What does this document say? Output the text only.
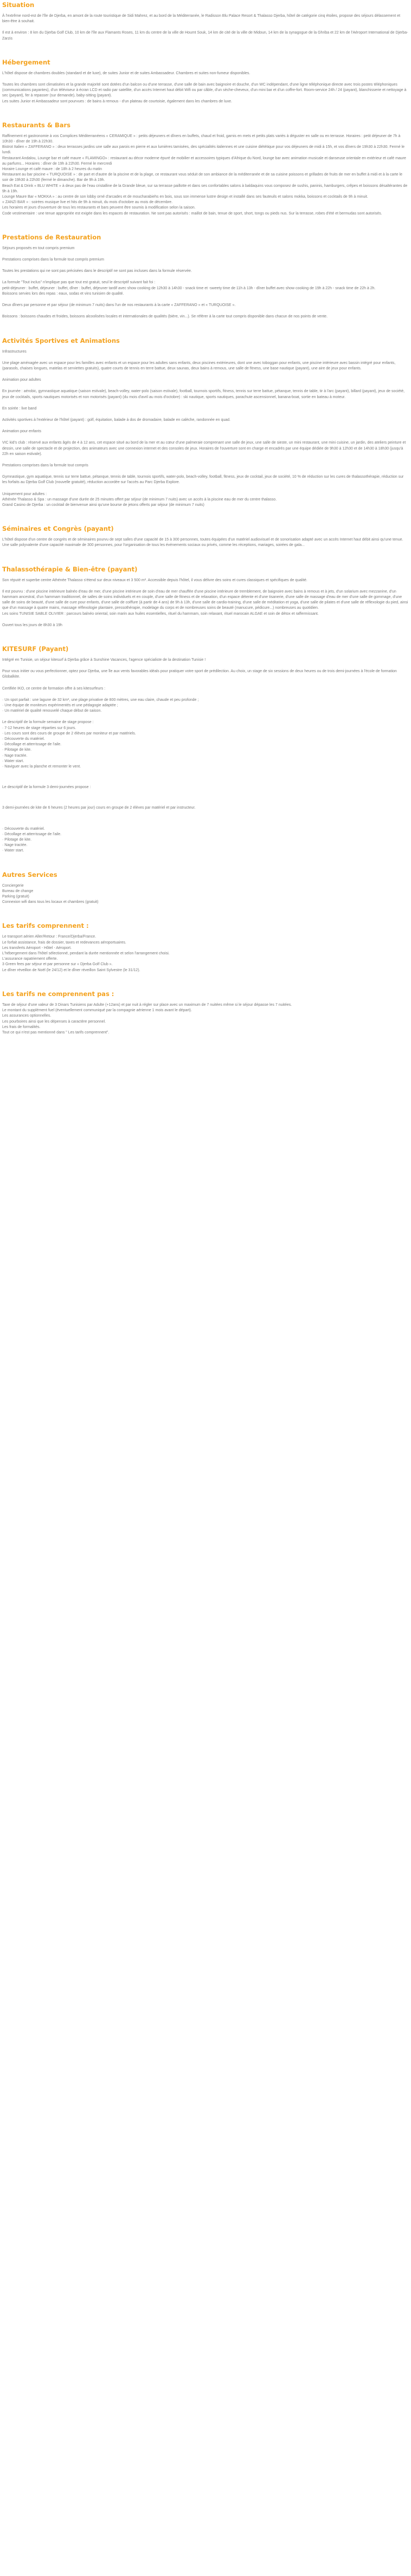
Situation

À l'extrême nord-est de l'île de Djerba, en amont de la route touristique de Sidi Mahrez, et au bord de la Méditerranée, le Radisson Blu Palace Resort & Thalasso Djerba, hôtel de catégorie cinq étoiles, propose des séjours délassement et bien-être à souhait.

Il est à environ : 8 km du Djerba Golf Club, 10 km de l'île aux Flamants Roses, 11 km du centre de la ville de Houmt Souk, 14 km de cité de la ville de Midoun, 14 km de la synagogue de la Ghriba et 22 km de l'Aéroport International de Djerba-Zarzis

Hébergement

L'hôtel dispose de chambres doubles (standard et de luxe), de suites Junior et de suites Ambassadeur. Chambres et suites non-fumeur disponibles.

Toutes les chambres sont climatisées et la grande majorité sont dotées d'un balcon ou d'une terrasse, d'une salle de bain avec baignoire et douche, d'un WC indépendant, d'une ligne téléphonique directe avec trois postes téléphoniques (communications payantes), d'un téléviseur à écran LCD et radio par satellite, d'un accès Internet haut débit Wifi ou par câble, d'un sèche-cheveux, d'un mini bar et d'un coffre-fort. Room-service 24h / 24 (payant), blanchisserie et nettoyage à sec (payant), fer à repasser (sur demande), baby-sitting (payant).
Les suites Junior et Ambassadeur sont pourvues : de bains à remous - d'un plateau de courtoisie, également dans les chambres de luxe.

Restaurants & Bars

Raffinement et gastronomie à vos Complices Méditerranéens « CERAMIQUE » : petits déjeuners et dîners en buffets, chaud et froid, garnis en mets et petits plats variés à déguster en salle ou en terrasse. Horaires : petit déjeuner de 7h à 10h30 - dîner de 19h à 22h30.
Bistrot Italien « ZAFFERANO » : deux terrasses jardins une salle aux parois en pierre et aux lumières tamisées, des spécialités italiennes et une cuisine diététique pour vos déjeuners de midi à 15h, et vos dîners de 19h30 à 22h30. Fermé le lundi.
Restaurant Andalou, Lounge bar et café maure « FLAMINGO» : restaurant au décor moderne épuré de mobilier et accessoires typiques d'Afrique du Nord, lounge bar avec animation musicale et danseuse orientale en extérieur et café maure au parfums... Horaires : dîner de 19h à 22h30. Fermé le mercredi
Horaire Lounge et café maure : de 18h à 2 heures du matin
Restaurant au bar piscine « TURQUOISE » : de part et d'autre de la piscine et de la plage, ce restaurant vous séduit de son ambiance de la méditerranée et de sa cuisine poissons et grillades de fruits de mer en buffet à midi et à la carte le soir de 19h30 à 22h30 (fermé le dimanche). Bar de 9h à 19h.
Beach Eat & Drink « BLU WHITE » à deux pas de l'eau cristalline de la Grande bleue, sur sa terrasse paillotte et dans ses confortables salons à baldaquins vous composez de sushis, paninis, hamburgers, crêpes et boissons désaltérantes de 9h à 19h.
Lounge Maure Bar « MOKKA » : au centre de son lobby orné d'arcades et de moucharabiehs en bois, sous son immense lustre design et installé dans ses fauteuils et salons mokka, boissons et cocktails de 9h à minuit.
« ZANZI BAR » : soirées musique live et hits de 9h à minuit, du mois d'octobre au mois de décembre.
Les horaires et jours d'ouverture de tous les restaurants et bars peuvent être soumis à modification selon la saison.
Code vestimentaire : une tenue appropriée est exigée dans les espaces de restauration. Ne sont pas autorisés : maillot de bain, tenue de sport, short, tongs ou pieds nus. Sur la terrasse, robes d'été et bermudas sont autorisés.

Prestations de Restauration

Séjours proposés en tout compris premium

Prestations comprises dans la formule tout compris premium

Toutes les prestations qui ne sont pas précisées dans le descriptif ne sont pas incluses dans la formule réservée.

La formule "Tout inclus" n'implique pas que tout est gratuit, seul le descriptif suivant fait foi :
petit-déjeuner : buffet, déjeuner : buffet, dîner : buffet, déjeuner tardif avec show cooking de 12h30 à 14h30 - snack time et -sweety time de 11h à 13h - dîner buffet avec show cooking de 19h à 22h - snack time de 22h à 2h.
Boissons servies lors des repas : eaux, sodas et vins tunisien de qualité.

Deux dîners par personne et par séjour (de minimum 7 nuits) dans l'un de nos restaurants à la carte « ZAFFERANO » et « TURQUOISE ».

Boissons : boissons chaudes et froides, boissons alcoolisées locales et internationales de qualités (bière, vin...). Se référer à la carte tout compris disponible dans chacun de nos points de vente.

Activités Sportives et Animations

Infrastructures

Une plage aménagée avec un espace pour les familles avec enfants et un espace pour les adultes sans enfants, deux piscines extérieures, dont une avec toboggan pour enfants, une piscine intérieure avec bassin intégré pour enfants, (parasols, chaises longues, matelas et serviettes gratuits), quatre courts de tennis en terre battue, deux saunas, deux bains à remous, une salle de fitness, une base nautique (payant), une aire de jeux pour enfants.

Animation pour adultes

En journée : aérobic, gymnastique aquatique (saison estivale), beach-volley, water-polo (saison estivale), football, tournois sportifs, fitness, tennis sur terre battue, pétanque, tennis de table, tir à l'arc (payant), billard (payant), jeux de société, jeux de cocktails, sports nautiques motorisés et non motorisés (payant) (du mois d'avril au mois d'octobre) : ski nautique, sports nautiques, parachute ascensionnel, banana-boat, sortie en bateau à moteur.

En soirée : live band

Activités sportives à l'extérieur de l'hôtel (payant) : golf, équitation, balade à dos de dromadaire, balade en calèche, randonnée en quad.

Animation pour enfants

VIC kid's club : réservé aux enfants âgés de 4 à 12 ans, cet espace situé au bord de la mer et au cœur d'une palmeraie comprenant une salle de jeux, une salle de sieste, un mini restaurant, une mini cuisine, un jardin, des ateliers peinture et dessin, une salle de spectacle et de projection, des animateurs avec une connexion internet et des consoles de jeux. Horaires de l'ouverture sont en charge et encadrés par une équipe dédiée de 9h30 à 12h30 et de 14h30 à 18h30 (jusqu'à 22h en saison estivale).

Prestations comprises dans la formule tout compris

Gymnastique, gym aquatique, tennis sur terre battue, pétanque, tennis de table, tournois sportifs, water-polo, beach-volley, football, fitness, jeux de cocktail, jeux de société, 10 % de réduction sur les cures de thalassothérapie, réduction sur les forfaits au Djerba Golf Club (nouvelle gratuité), réduction accordée sur l'accès au Parc Djerba Explore.

Uniquement pour adultes :
Athénée Thalasso & Spa : un massage d'une durée de 25 minutes offert par séjour (de minimum 7 nuits) avec un accès à la piscine eau de mer du centre thalasso.
Grand Casino de Djerba : un cocktail de bienvenue ainsi qu'une bourse de jetons offerts par séjour (de minimum 7 nuits)

Séminaires et Congrès (payant)

L'hôtel dispose d'un centre de congrès et de séminaires pourvu de sept salles d'une capacité de 15 à 300 personnes, toutes équipées d'un matériel audiovisuel et de sonorisation adapté avec un accès Internet haut débit ainsi qu'une tenue. Une salle polyvalente d'une capacité maximale de 300 personnes, pour l'organisation de tous les événements sociaux ou privés, comme les réceptions, mariages, soirées de gala...

Thalassothérapie & Bien-être (payant)

Son réputé et superbe centre Athénée Thalasso s'étend sur deux niveaux et 3 500 m². Accessible depuis l'hôtel, il vous délivre des soins et cures classiques et spécifiques de qualité.

Il est pourvu : d'une piscine intérieure balnéo d'eau de mer, d'une piscine intérieure de soin d'eau de mer chauffée d'une piscine intérieure de tremblement, de baignoire avec bains à remous et à jets, d'un solarium avec mezzanine, d'un hammam ancestral, d'un hammam traditionnel, de salles de soins individuels et en couple, d'une salle de fitness et de relaxation, d'un espace détente et d'une tisanerie, d'une salle de massage d'eau de mer d'une salle de gommage, d'une salle de soins de beauté, d'une salle de cure pour enfants, d'une salle de coiffure (à partir de 4 ans) de 9h à 13h, d'une salle de cardio-training, d'une salle de méditation et yoga, d'une salle de pilates et d'une salle de réflexologie du pied, ainsi que d'un massage à quatre mains, massage réflexologie plantaire, pressothérapie, modelage du corps et de nombreuses soins de beauté (manucure, pédicure...) nombreuses au quotidien.
Les soins TUNISIE SABLE OLIVIER : parcours balnéo oriental, soin marin aux huiles essentielles, rituel du hammam, soin relaxant, rituel marocain ALGAE et soin de détox et raffermissant.

Ouvert tous les jours de 8h30 à 19h

KITESURF (Payant)

Intégré en Tunisie, un séjour kitesurf à Djerba grâce à Sunshine Vacances, l'agence spécialiste de la destination Tunisie !

Pour vous initier ou vous perfectionner, optez pour Djerba, une île aux vents favorables idéals pour pratiquer votre sport de prédilection. Au choix, un stage de six sessions de deux heures ou de trois demi-journées à l'école de formation Globalkite.

Certifiée IKO, ce centre de formation offre à ses kitesurfeurs :

· Un spot parfait : une lagune de 32 km², une plage privative de 800 mètres, une eau claire, chaude et peu profonde ;
· Une équipe de moniteurs expérimentés et une pédagogie adaptée ;
· Un matériel de qualité renouvelé chaque début de saison.

Le descriptif de la formule semaine de stage propose :
· 7-12 heures de stage réparties sur 6 jours.
· Les cours sont des cours de groupe de 2 élèves par moniteur et par matériels.
· Découverte du matériel.
· Décollage et atterrissage de l'aile.
· Pilotage de kite.
· Nage tractée.
· Water start.
· Naviguer avec la planche et remonter le vent.

Le descriptif de la formule 3 demi-journées propose :

3 demi-journées de kite de 6 heures (2 heures par jour) cours en groupe de 2 élèves par matériel et par instructeur.

· Découverte du matériel.
· Décollage et atterrissage de l'aile.
· Pilotage de kite.
· Nage tractée.
· Water start.

Autres Services

Conciergerie
Bureau de change
Parking (gratuit)
Connexion wifi dans tous les locaux et chambres (gratuit)

Les tarifs comprennent :

Le transport aérien Aller/Retour : France/Djerba/France.
Le forfait assistance, frais de dossier, taxes et redevances aéroportuaires.
Les transferts Aéroport - Hôtel - Aéroport.
L'hébergement dans l'hôtel sélectionné, pendant la durée mentionnée et selon l'arrangement choisi.
L'assurance rapatriement offerte.
3 Green fees par séjour et par personne sur « Djerba Golf Club ».
Le dîner réveillon de Noël (le 24/12) et le dîner réveillon Saint Sylvestre (le 31/12).

Les tarifs ne comprennent pas :

Taxe de séjour d'une valeur de 3 Dinars Tunisiens par Adulte (+12ans) et par nuit à régler sur place avec un maximum de 7 nuitées même si le séjour dépasse les 7 nuitées.
Le montant du supplément fuel (éventuellement communiqué par la compagnie aérienne 1 mois avant le départ).
Les assurances optionnelles.
Les pourboires ainsi que les dépenses à caractère personnel.
Les frais de formalités.
Tout ce qui n'est pas mentionné dans " Les tarifs comprennent".
